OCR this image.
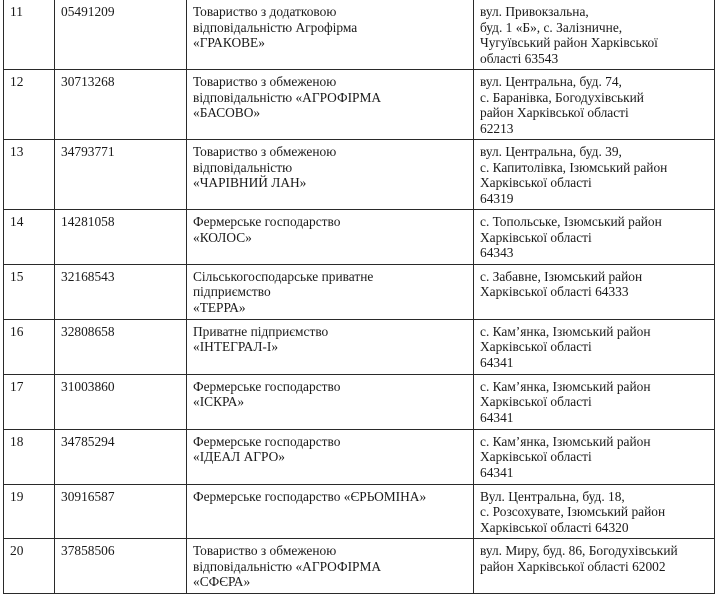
11	05491209	Товариство з додатковою
відповідальністю Агрофірма
«ГРАКОВЕ»	вул. Привокзальна,
буд. 1 «Б», с. Залізничне,
Чугуївський район Харківської
області 63543

12	30713268	Товариство з обмеженою
відповідальністю «АГРОФІРМА
«БАСОВО»	вул. Центральна, буд. 74,
с. Баранівка, Богодухівський
район Харківської області
62213

13	34793771	Товариство з обмеженою
відповідальністю
«ЧАРІВНИЙ ЛАН»	вул. Центральна, буд. 39,
с. Капитолівка, Ізюмський район
Харківської області
64319

14	14281058	Фермерське господарство
«КОЛОС»	с. Топольське, Ізюмський район
Харківської області
64343

15	32168543	Сільськогосподарське приватне
підприємство
«ТЕРРА»	с. Забавне, Ізюмський район
Харківської області 64333

16	32808658	Приватне підприємство
«ІНТЕГРАЛ-І»	с. Кам’янка, Ізюмський район
Харківської області
64341

17	31003860	Фермерське господарство
«ІСКРА»	с. Кам’янка, Ізюмський район
Харківської області
64341

18	34785294	Фермерське господарство
«ІДЕАЛ АГРО»	с. Кам’янка, Ізюмський район
Харківської області
64341

19	30916587	Фермерське господарство «ЄРЬОМІНА»	Вул. Центральна, буд. 18,
с. Розсохувате, Ізюмський район
Харківської області 64320

20	37858506	Товариство з обмеженою
відповідальністю «АГРОФІРМА
«СФЄРА»	вул. Миру, буд. 86, Богодухівський
район Харківської області 62002
